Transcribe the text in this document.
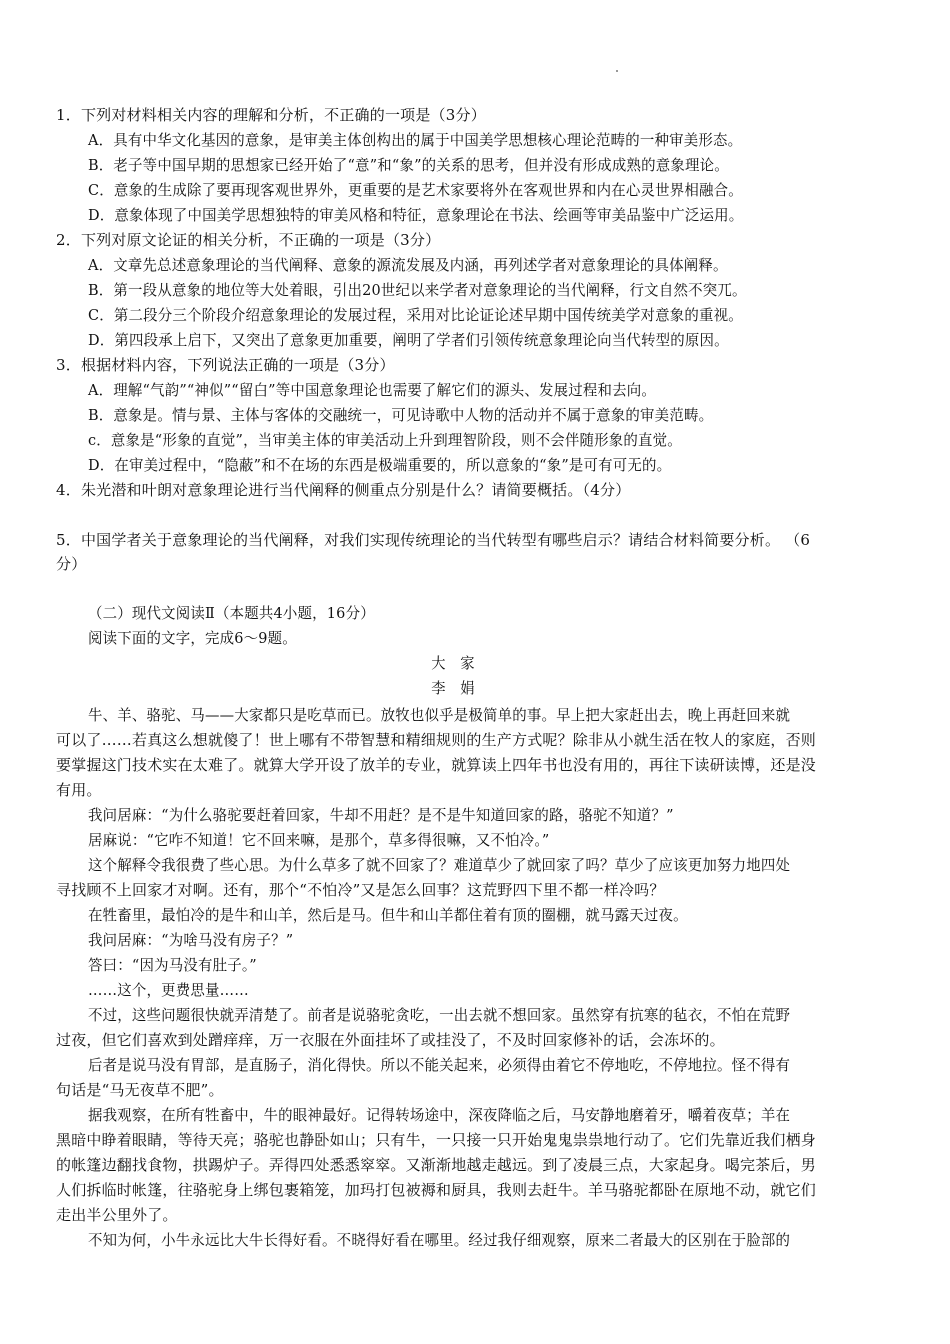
1．下列对材料相关内容的理解和分析，不正确的一项是（3分）
A．具有中华文化基因的意象，是审美主体创构出的属于中国美学思想核心理论范畴的一种审美形态。
B．老子等中国早期的思想家已经开始了“意”和“象”的关系的思考，但并没有形成成熟的意象理论。
C．意象的生成除了要再现客观世界外，更重要的是艺术家要将外在客观世界和内在心灵世界相融合。
D．意象体现了中国美学思想独特的审美风格和特征，意象理论在书法、绘画等审美品鉴中广泛运用。
2．下列对原文论证的相关分析，不正确的一项是（3分）
A．文章先总述意象理论的当代阐释、意象的源流发展及内涵，再列述学者对意象理论的具体阐释。
B．第一段从意象的地位等大处着眼，引出20世纪以来学者对意象理论的当代阐释，行文自然不突兀。
C．第二段分三个阶段介绍意象理论的发展过程，采用对比论证论述早期中国传统美学对意象的重视。
D．第四段承上启下，又突出了意象更加重要，阐明了学者们引领传统意象理论向当代转型的原因。
3．根据材料内容，下列说法正确的一项是（3分）
A．理解“气韵”“神似”“留白”等中国意象理论也需要了解它们的源头、发展过程和去向。
B．意象是。情与景、主体与客体的交融统一，可见诗歌中人物的活动并不属于意象的审美范畴。
c．意象是“形象的直觉”，当审美主体的审美活动上升到理智阶段，则不会伴随形象的直觉。
D．在审美过程中，“隐蔽”和不在场的东西是极端重要的，所以意象的“象”是可有可无的。
4．朱光潜和叶朗对意象理论进行当代阐释的侧重点分别是什么？请简要概括。（4分）
5．中国学者关于意象理论的当代阐释，对我们实现传统理论的当代转型有哪些启示？请结合材料简要分析。 （6
分）
（二）现代文阅读Ⅱ（本题共4小题，16分）
阅读下面的文字，完成6～9题。
大　家
李　娟
牛、羊、骆驼、马——大家都只是吃草而已。放牧也似乎是极简单的事。早上把大家赶出去，晚上再赶回来就
可以了……若真这么想就傻了！世上哪有不带智慧和精细规则的生产方式呢？除非从小就生活在牧人的家庭，否则
要掌握这门技术实在太难了。就算大学开设了放羊的专业，就算读上四年书也没有用的，再往下读研读博，还是没
有用。
我问居麻：“为什么骆驼要赶着回家，牛却不用赶？是不是牛知道回家的路，骆驼不知道？”
居麻说：“它咋不知道！它不回来嘛，是那个，草多得很嘛，又不怕冷。”
这个解释令我很费了些心思。为什么草多了就不回家了？难道草少了就回家了吗？草少了应该更加努力地四处
寻找顾不上回家才对啊。还有，那个“不怕冷”又是怎么回事？这荒野四下里不都一样冷吗？
在牲畜里，最怕冷的是牛和山羊，然后是马。但牛和山羊都住着有顶的圈棚，就马露天过夜。
我问居麻：“为啥马没有房子？”
答曰：“因为马没有肚子。”
……这个，更费思量……
不过，这些问题很快就弄清楚了。前者是说骆驼贪吃，一出去就不想回家。虽然穿有抗寒的毡衣，不怕在荒野
过夜，但它们喜欢到处蹭痒痒，万一衣服在外面挂坏了或挂没了，不及时回家修补的话，会冻坏的。
后者是说马没有胃部，是直肠子，消化得快。所以不能关起来，必须得由着它不停地吃，不停地拉。怪不得有
句话是“马无夜草不肥”。
据我观察，在所有牲畜中，牛的眼神最好。记得转场途中，深夜降临之后，马安静地磨着牙，嚼着夜草；羊在
黑暗中睁着眼睛，等待天亮；骆驼也静卧如山；只有牛，一只接一只开始鬼鬼祟祟地行动了。它们先靠近我们栖身
的帐篷边翻找食物，拱踢炉子。弄得四处悉悉窣窣。又渐渐地越走越远。到了凌晨三点，大家起身。喝完茶后，男
人们拆临时帐篷，往骆驼身上绑包裹箱笼，加玛打包被褥和厨具，我则去赶牛。羊马骆驼都卧在原地不动，就它们
走出半公里外了。
不知为何，小牛永远比大牛长得好看。不晓得好看在哪里。经过我仔细观察，原来二者最大的区别在于脸部的
